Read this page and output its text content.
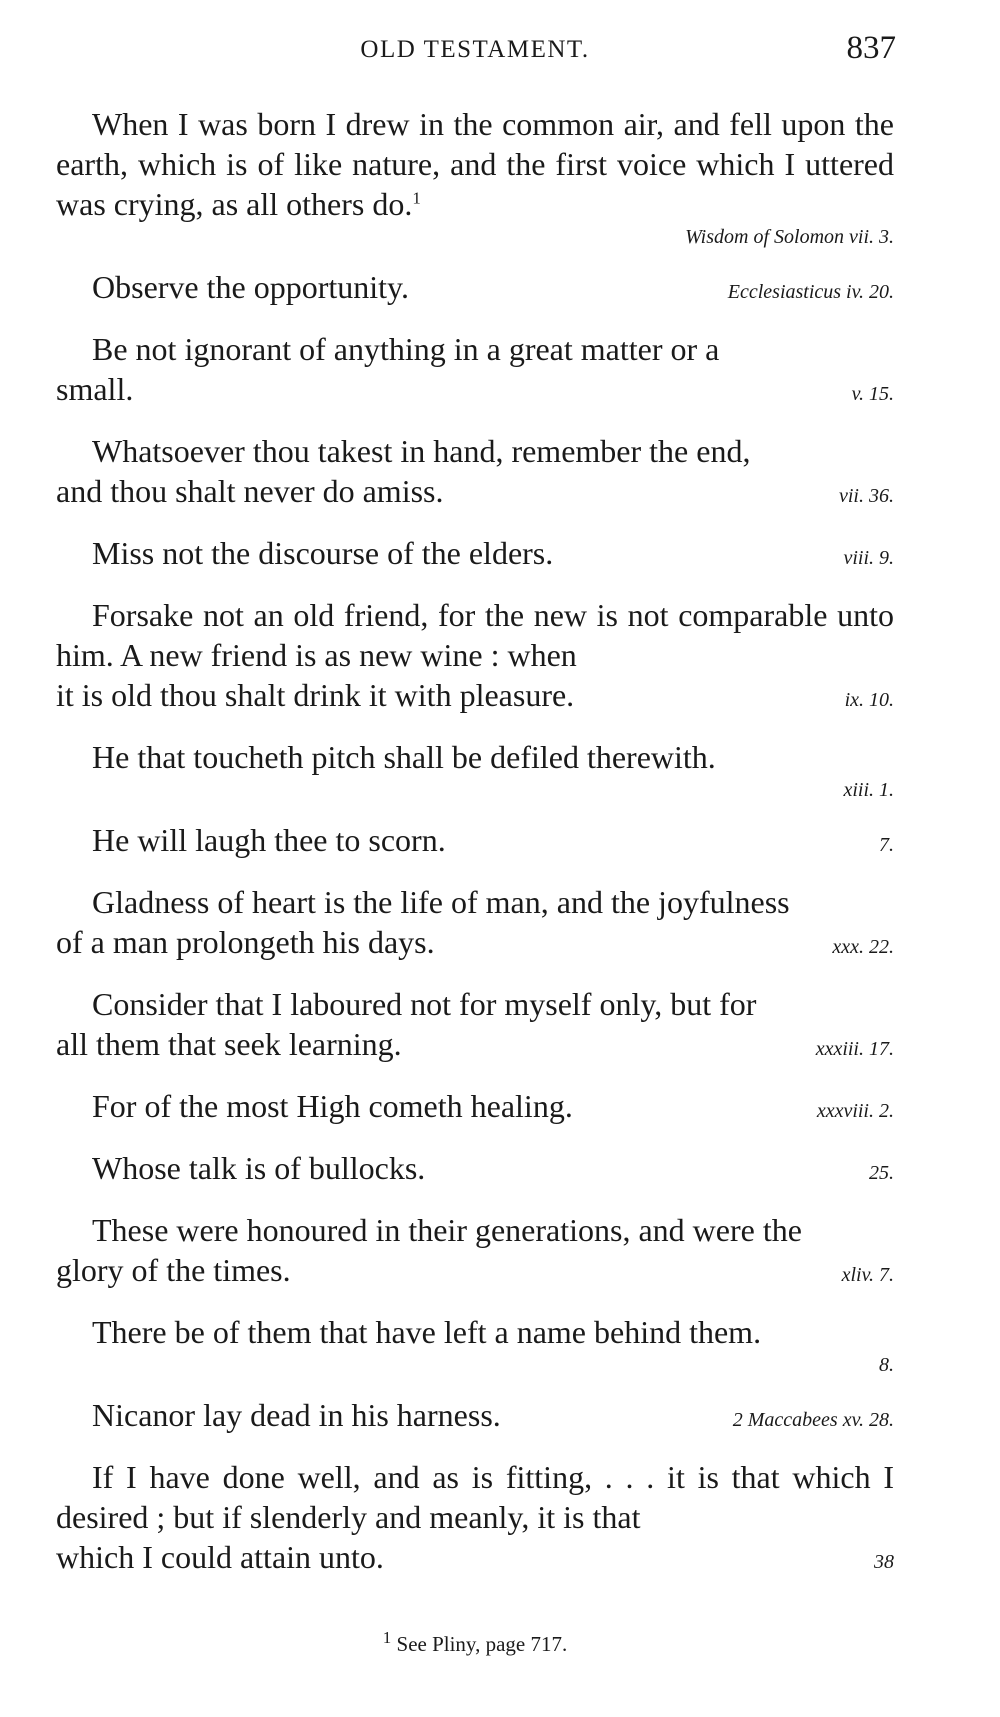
OLD TESTAMENT.	837

When I was born I drew in the common air, and fell upon the earth, which is of like nature, and the first voice which I uttered was crying, as all others do.$^1$

Wisdom of Solomon vii. 3.
Observe the opportunity.	Ecclesiasticus iv. 20.

Be not ignorant of anything in a great matter or a

small.	v. 15.

Whatsoever thou takest in hand, remember the end,

and thou shalt never do amiss.	vii. 36.
Miss not the discourse of the elders.	viii. 9.

Forsake not an old friend, for the new is not comparable unto him. A new friend is as new wine : when

it is old thou shalt drink it with pleasure.	ix. 10.

He that toucheth pitch shall be defiled therewith.

xiii. 1.
He will laugh thee to scorn.	7.

Gladness of heart is the life of man, and the joyfulness

of a man prolongeth his days.	xxx. 22.

Consider that I laboured not for myself only, but for

all them that seek learning.	xxxiii. 17.
For of the most High cometh healing.	xxxviii. 2.
Whose talk is of bullocks.	25.

These were honoured in their generations, and were the

glory of the times.	xliv. 7.

There be of them that have left a name behind them.

8.
Nicanor lay dead in his harness.	2 Maccabees xv. 28.

If I have done well, and as is fitting, . . . it is that which I desired ; but if slenderly and meanly, it is that

which I could attain unto.	38
$^1$ See Pliny, page 717.
